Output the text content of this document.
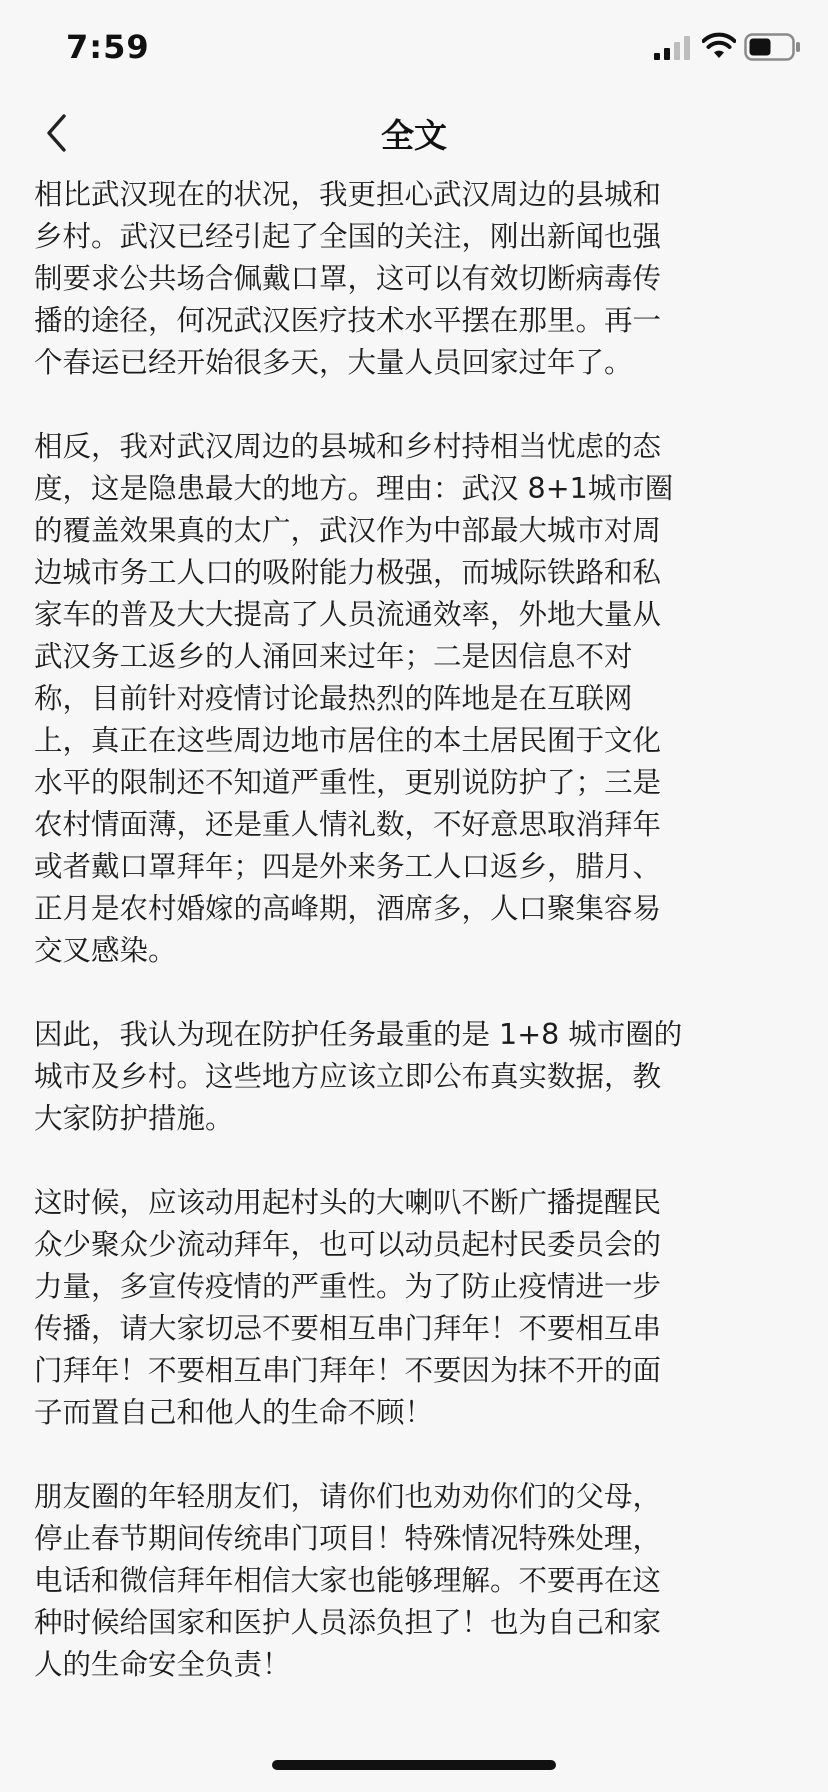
7:59
全文

相比武汉现在的状况，我更担心武汉周边的县城和
乡村。武汉已经引起了全国的关注，刚出新闻也强
制要求公共场合佩戴口罩，这可以有效切断病毒传
播的途径，何况武汉医疗技术水平摆在那里。再一
个春运已经开始很多天，大量人员回家过年了。

相反，我对武汉周边的县城和乡村持相当忧虑的态
度，这是隐患最大的地方。理由：武汉 8+1城市圈
的覆盖效果真的太广，武汉作为中部最大城市对周
边城市务工人口的吸附能力极强，而城际铁路和私
家车的普及大大提高了人员流通效率，外地大量从
武汉务工返乡的人涌回来过年；二是因信息不对
称，目前针对疫情讨论最热烈的阵地是在互联网
上，真正在这些周边地市居住的本土居民囿于文化
水平的限制还不知道严重性，更别说防护了；三是
农村情面薄，还是重人情礼数，不好意思取消拜年
或者戴口罩拜年；四是外来务工人口返乡，腊月、
正月是农村婚嫁的高峰期，酒席多，人口聚集容易
交叉感染。

因此，我认为现在防护任务最重的是 1+8 城市圈的
城市及乡村。这些地方应该立即公布真实数据，教
大家防护措施。

这时候，应该动用起村头的大喇叭不断广播提醒民
众少聚众少流动拜年，也可以动员起村民委员会的
力量，多宣传疫情的严重性。为了防止疫情进一步
传播，请大家切忌不要相互串门拜年！不要相互串
门拜年！不要相互串门拜年！不要因为抹不开的面
子而置自己和他人的生命不顾！

朋友圈的年轻朋友们，请你们也劝劝你们的父母，
停止春节期间传统串门项目！特殊情况特殊处理，
电话和微信拜年相信大家也能够理解。不要再在这
种时候给国家和医护人员添负担了！也为自己和家
人的生命安全负责！
